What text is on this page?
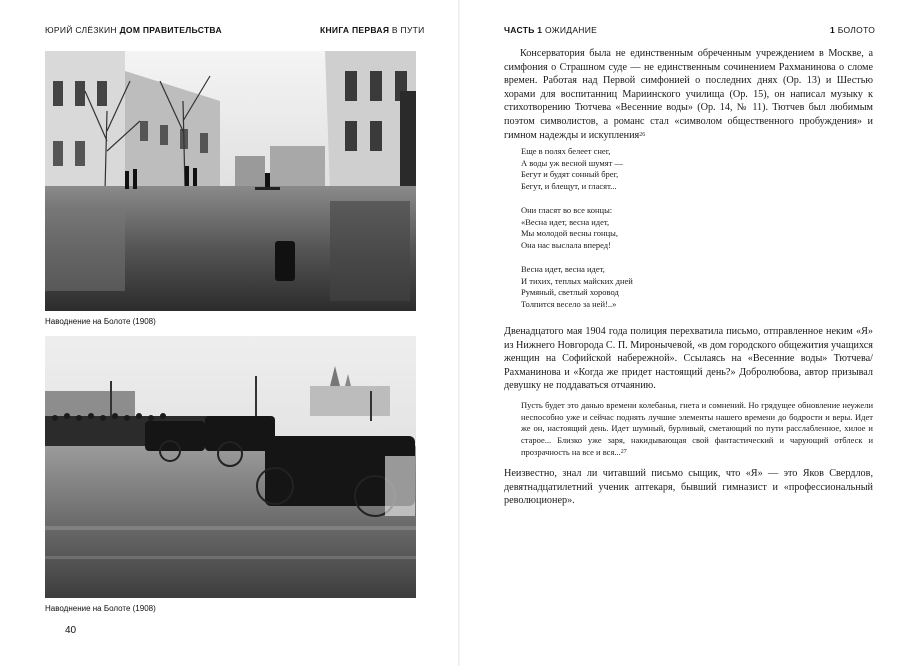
ЮРИЙ СЛЁЗКИН ДОМ ПРАВИТЕЛЬСТВА	КНИГА ПЕРВАЯ В ПУТИ	ЧАСТЬ 1 ОЖИДАНИЕ	1 БОЛОТО
Наводнение на Болоте (1908)
Наводнение на Болоте (1908)
40

Консерватория была не единственным обреченным учреждением в Москве, а симфония о Страшном суде — не единственным сочинением Рахманинова о сломе времен. Работая над Первой симфонией о последних днях (Ор. 13) и Шестью хорами для воспитанниц Мариинского училища (Ор. 15), он написал музыку к стихотворению Тютчева «Весенние воды» (Ор. 14, № 11). Тютчев был любимым поэтом символистов, а романс стал «символом общественного пробуждения» и гимном надежды и искупления$^{26}$

Еще в полях белеет снег,
А воды уж весной шумят —
Бегут и будят сонный брег,
Бегут, и блещут, и гласят...
Они гласят во все концы:
«Весна идет, весна идет,
Мы молодой весны гонцы,
Она нас выслала вперед!
Весна идет, весна идет,
И тихих, теплых майских дней
Румяный, светлый хоровод
Толпится весело за ней!..»

Двенадцатого мая 1904 года полиция перехватила письмо, отправленное неким «Я» из Нижнего Новгорода С. П. Миронычевой, «в дом городского общежития учащихся женщин на Софийской набережной». Ссылаясь на «Весенние воды» Тютчева/Рахманинова и «Когда же придет настоящий день?» Добролюбова, автор призывал девушку не поддаваться отчаянию.

Пусть будет это данью времени колебанья, гнета и сомнений. Но грядущее обновление неужели неспособно уже и сейчас поднять лучшие элементы нашего времени до бодрости и веры. Идет же он, настоящий день. Идет шумный, бурливый, сметающий по пути расслабленное, хилое и старое... Близко уже заря, накидывающая свой фантастический и чарующий отблеск и прозрачность на все и вся...$^{27}$

Неизвестно, знал ли читавший письмо сыщик, что «Я» — это Яков Свердлов, девятнадцатилетний ученик аптекаря, бывший гимназист и «профессиональный революционер».
